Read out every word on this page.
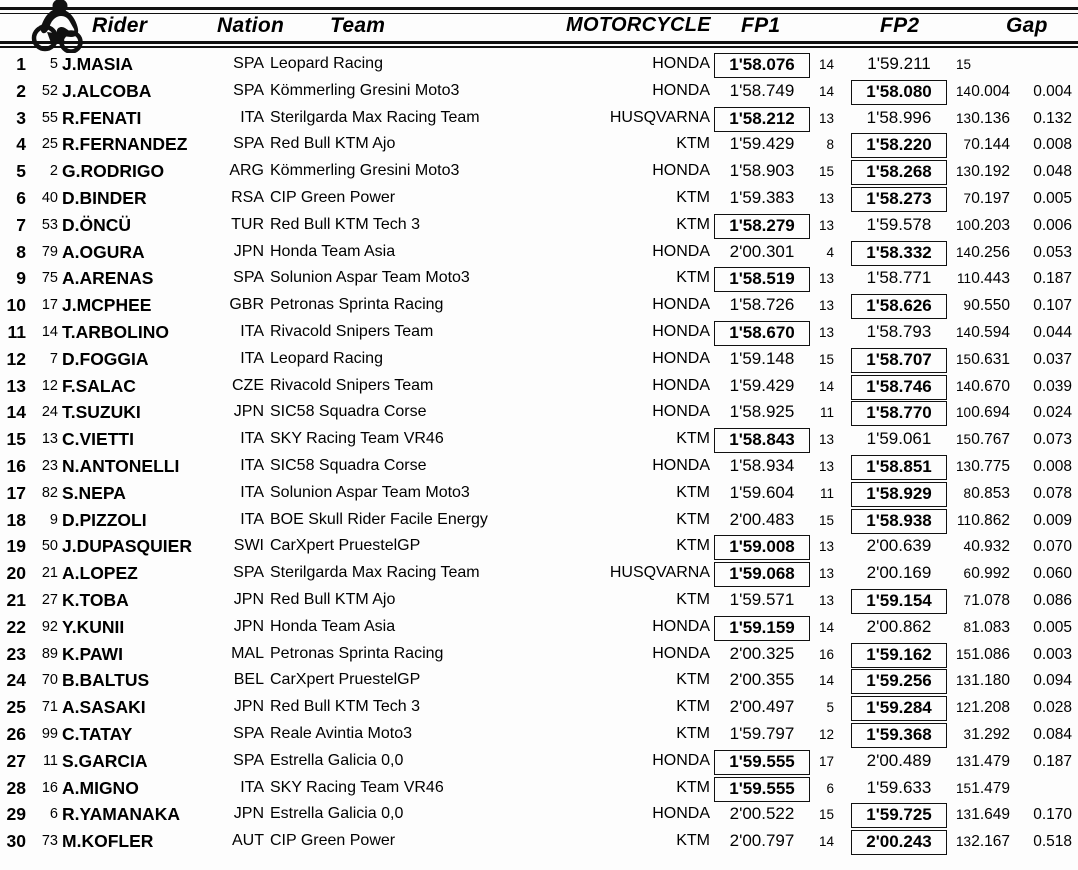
Rider	Nation Team	MOTORCYCLE FP1	FP2	Gap
1	5 J.MASIA	SPA Leopard Racing	HONDA	1'58.076	14	1'59.211	15
2	52 J.ALCOBA	SPA Kömmerling Gresini Moto3	HONDA	1'58.749	14	1'58.080	14 0.004	0.004
3	55 R.FENATI	ITA Sterilgarda Max Racing Team	HUSQVARNA	1'58.212	13	1'58.996	13 0.136	0.132
4	25 R.FERNANDEZ	SPA Red Bull KTM Ajo	KTM	1'59.429	8	1'58.220	7 0.144	0.008
5	2 G.RODRIGO	ARG Kömmerling Gresini Moto3	HONDA	1'58.903	15	1'58.268	13 0.192	0.048
6	40 D.BINDER	RSA CIP Green Power	KTM	1'59.383	13	1'58.273	7 0.197	0.005
7	53 D.ÖNCÜ	TUR Red Bull KTM Tech 3	KTM	1'58.279	13	1'59.578	10 0.203	0.006
8	79 A.OGURA	JPN Honda Team Asia	HONDA	2'00.301	4	1'58.332	14 0.256	0.053
9	75 A.ARENAS	SPA Solunion Aspar Team Moto3	KTM	1'58.519	13	1'58.771	11 0.443	0.187
10	17 J.MCPHEE	GBR Petronas Sprinta Racing	HONDA	1'58.726	13	1'58.626	9 0.550	0.107
11	14 T.ARBOLINO	ITA Rivacold Snipers Team	HONDA	1'58.670	13	1'58.793	14 0.594	0.044
12	7 D.FOGGIA	ITA Leopard Racing	HONDA	1'59.148	15	1'58.707	15 0.631	0.037
13	12 F.SALAC	CZE Rivacold Snipers Team	HONDA	1'59.429	14	1'58.746	14 0.670	0.039
14	24 T.SUZUKI	JPN SIC58 Squadra Corse	HONDA	1'58.925	11	1'58.770	10 0.694	0.024
15	13 C.VIETTI	ITA SKY Racing Team VR46	KTM	1'58.843	13	1'59.061	15 0.767	0.073
16	23 N.ANTONELLI	ITA SIC58 Squadra Corse	HONDA	1'58.934	13	1'58.851	13 0.775	0.008
17	82 S.NEPA	ITA Solunion Aspar Team Moto3	KTM	1'59.604	11	1'58.929	8 0.853	0.078
18	9 D.PIZZOLI	ITA BOE Skull Rider Facile Energy	KTM	2'00.483	15	1'58.938	11 0.862	0.009
19	50 J.DUPASQUIER	SWI CarXpert PruestelGP	KTM	1'59.008	13	2'00.639	4 0.932	0.070
20	21 A.LOPEZ	SPA Sterilgarda Max Racing Team	HUSQVARNA	1'59.068	13	2'00.169	6 0.992	0.060
21	27 K.TOBA	JPN Red Bull KTM Ajo	KTM	1'59.571	13	1'59.154	7 1.078	0.086
22	92 Y.KUNII	JPN Honda Team Asia	HONDA	1'59.159	14	2'00.862	8 1.083	0.005
23	89 K.PAWI	MAL Petronas Sprinta Racing	HONDA	2'00.325	16	1'59.162	15 1.086	0.003
24	70 B.BALTUS	BEL CarXpert PruestelGP	KTM	2'00.355	14	1'59.256	13 1.180	0.094
25	71 A.SASAKI	JPN Red Bull KTM Tech 3	KTM	2'00.497	5	1'59.284	12 1.208	0.028
26	99 C.TATAY	SPA Reale Avintia Moto3	KTM	1'59.797	12	1'59.368	3 1.292	0.084
27	11 S.GARCIA	SPA Estrella Galicia 0,0	HONDA	1'59.555	17	2'00.489	13 1.479	0.187
28	16 A.MIGNO	ITA SKY Racing Team VR46	KTM	1'59.555	6	1'59.633	15 1.479
29	6 R.YAMANAKA	JPN Estrella Galicia 0,0	HONDA	2'00.522	15	1'59.725	13 1.649	0.170
30	73 M.KOFLER	AUT CIP Green Power	KTM	2'00.797	14	2'00.243	13 2.167	0.518
